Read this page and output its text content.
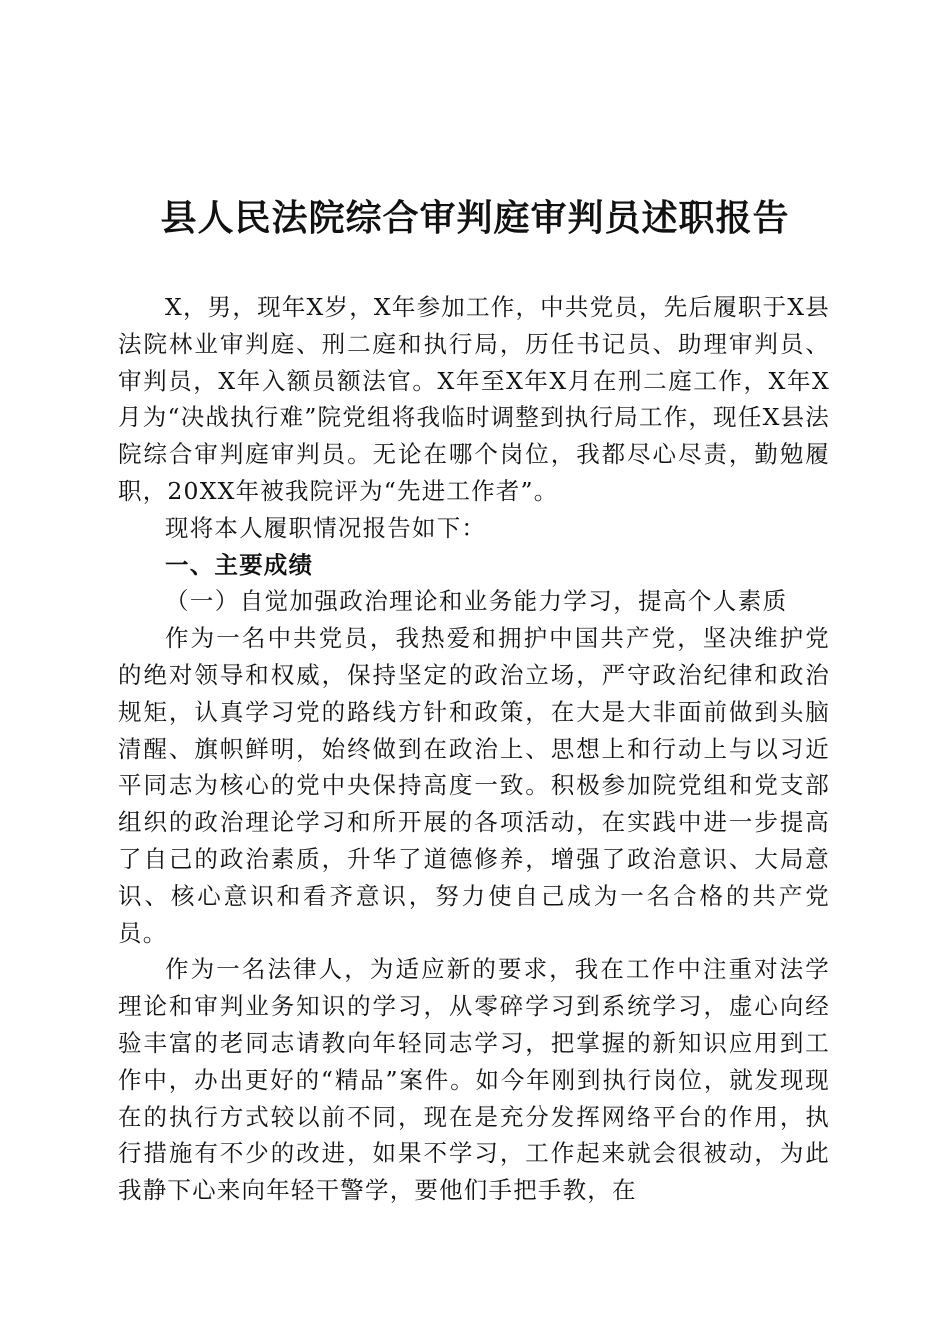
县人民法院综合审判庭审判员述职报告

X，男，现年X岁，X年参加工作，中共党员，先后履职于X县法院林业审判庭、刑二庭和执行局，历任书记员、助理审判员、审判员，X年入额员额法官。X年至X年X月在刑二庭工作，X年X月为“决战执行难”院党组将我临时调整到执行局工作，现任X县法院综合审判庭审判员。无论在哪个岗位，我都尽心尽责，勤勉履职，20XX年被我院评为“先进工作者”。

现将本人履职情况报告如下：

一、主要成绩

（一）自觉加强政治理论和业务能力学习，提高个人素质

作为一名中共党员，我热爱和拥护中国共产党，坚决维护党的绝对领导和权威，保持坚定的政治立场，严守政治纪律和政治规矩，认真学习党的路线方针和政策，在大是大非面前做到头脑清醒、旗帜鲜明，始终做到在政治上、思想上和行动上与以习近平同志为核心的党中央保持高度一致。积极参加院党组和党支部组织的政治理论学习和所开展的各项活动，在实践中进一步提高了自己的政治素质，升华了道德修养，增强了政治意识、大局意识、核心意识和看齐意识，努力使自己成为一名合格的共产党员。

作为一名法律人，为适应新的要求，我在工作中注重对法学理论和审判业务知识的学习，从零碎学习到系统学习，虚心向经验丰富的老同志请教向年轻同志学习，把掌握的新知识应用到工作中，办出更好的“精品”案件。如今年刚到执行岗位，就发现现在的执行方式较以前不同，现在是充分发挥网络平台的作用，执行措施有不少的改进，如果不学习，工作起来就会很被动，为此我静下心来向年轻干警学，要他们手把手教，在
